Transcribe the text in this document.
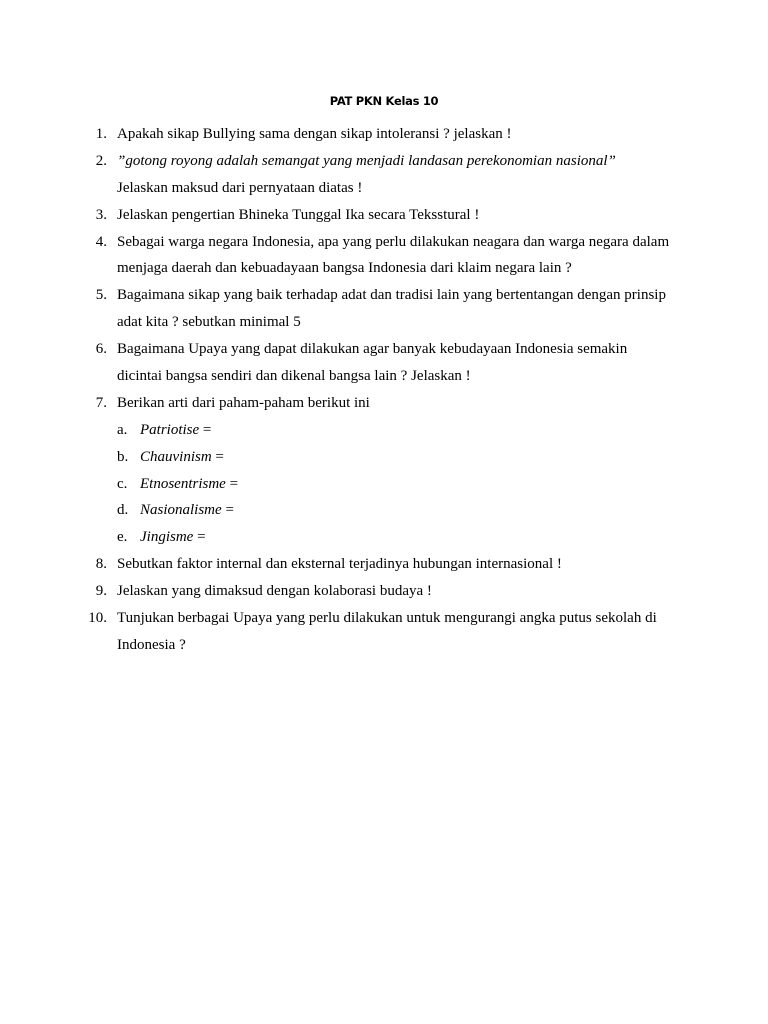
PAT PKN Kelas 10
1. Apakah sikap Bullying sama dengan sikap intoleransi ? jelaskan !
2. ”gotong royong adalah semangat yang menjadi landasan perekonomian nasional”
Jelaskan maksud dari pernyataan diatas !
3. Jelaskan pengertian Bhineka Tunggal Ika secara Teksstural !
4. Sebagai warga negara Indonesia, apa yang perlu dilakukan neagara dan warga negara dalam
menjaga daerah dan kebuadayaan bangsa Indonesia dari klaim negara lain ?
5. Bagaimana sikap yang baik terhadap adat dan tradisi lain yang bertentangan dengan prinsip
adat kita ? sebutkan minimal 5
6. Bagaimana Upaya yang dapat dilakukan agar banyak kebudayaan Indonesia semakin
dicintai bangsa sendiri dan dikenal bangsa lain ? Jelaskan !
7. Berikan arti dari paham-paham berikut ini
a. Patriotise =
b. Chauvinism =
c. Etnosentrisme =
d. Nasionalisme =
e. Jingisme =
8. Sebutkan faktor internal dan eksternal terjadinya hubungan internasional !
9. Jelaskan yang dimaksud dengan kolaborasi budaya !
10. Tunjukan berbagai Upaya yang perlu dilakukan untuk mengurangi angka putus sekolah di
Indonesia ?
